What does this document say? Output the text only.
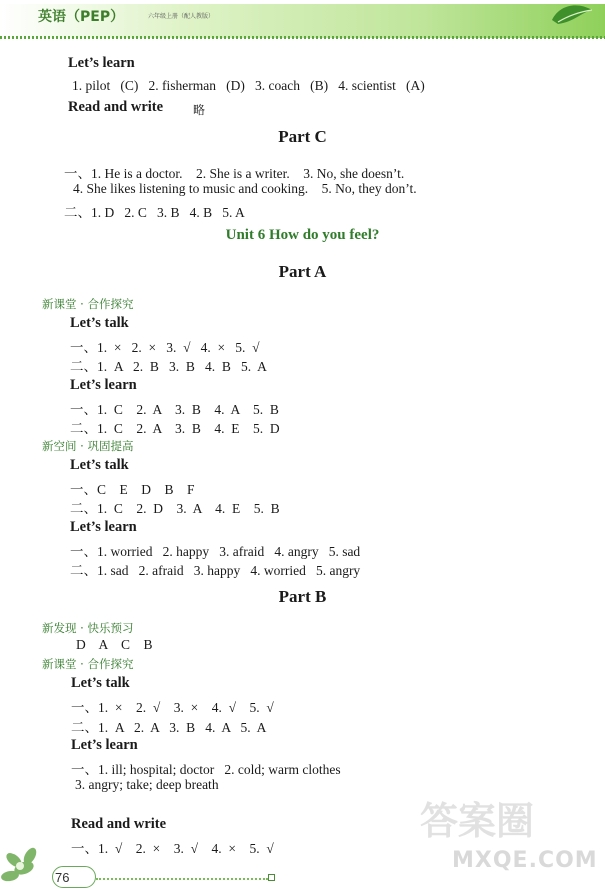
英语（PEP）	六年级上册（配人教版）
Let’s learn
1. pilot   (C)   2. fisherman   (D)   3. coach   (B)   4. scientist   (A)
Read and write 略
Part C
一、1. He is a doctor.    2. She is a writer.    3. No, she doesn’t.
4. She likes listening to music and cooking.    5. No, they don’t.
二、1. D   2. C   3. B   4. B   5. A
Unit 6 How do you feel?
Part A
新课堂 · 合作探究
Let’s talk
一、1.  ×   2.  ×   3.  √   4.  ×   5.  √
二、1.  A   2.  B   3.  B   4.  B   5.  A
Let’s learn
一、1.  C    2.  A    3.  B    4.  A    5.  B
二、1.  C    2.  A    3.  B    4.  E    5.  D
新空间 · 巩固提高
Let’s talk
一、C    E    D    B    F
二、1.  C    2.  D    3.  A    4.  E    5.  B
Let’s learn
一、1. worried   2. happy   3. afraid   4. angry   5. sad
二、1. sad   2. afraid   3. happy   4. worried   5. angry
Part B
新发现 · 快乐预习
D    A    C    B
新课堂 · 合作探究
Let’s talk
一、1.  ×    2.  √    3.  ×    4.  √    5.  √
二、1.  A   2.  A   3.  B   4.  A   5.  A
Let’s learn
一、1. ill; hospital; doctor   2. cold; warm clothes
3. angry; take; deep breath
Read and write
一、1.  √    2.  ×    3.  √    4.  ×    5.  √
76
答案圈
MXQE.COM
